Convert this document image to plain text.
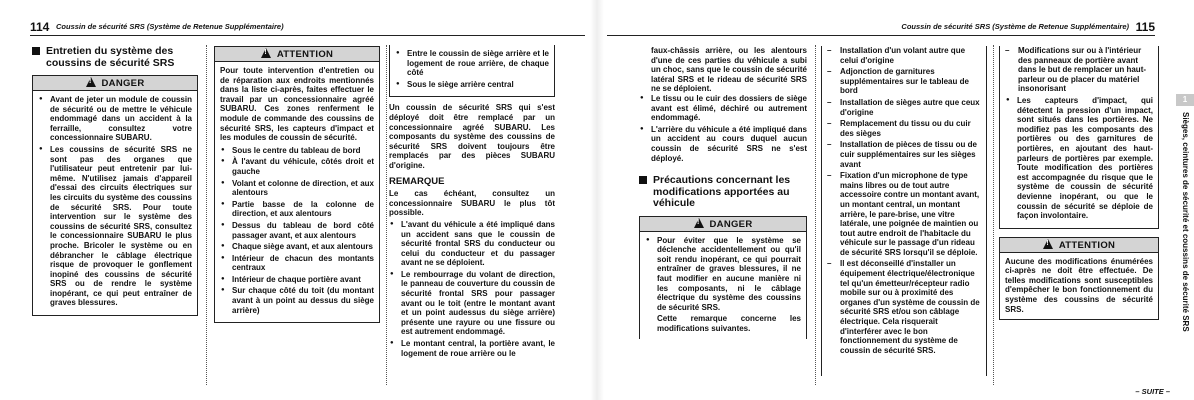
114 Coussin de sécurité SRS (Système de Retenue Supplémentaire)
Entretien du système des coussins de sécurité SRS
!DANGER
● Avant de jeter un module de coussin de sécurité ou de mettre le véhicule endommagé dans un accident à la ferraille, consultez votre concessionnaire SUBARU.
● Les coussins de sécurité SRS ne sont pas des organes que l'utilisateur peut entretenir par lui-même. N'utilisez jamais d'appareil d'essai des circuits électriques sur les circuits du système des coussins de sécurité SRS. Pour toute intervention sur le système des coussins de sécurité SRS, consultez le concessionnaire SUBARU le plus proche. Bricoler le système ou en débrancher le câblage électrique risque de provoquer le gonflement inopiné des coussins de sécurité SRS ou de rendre le système inopérant, ce qui peut entraîner de graves blessures.
!ATTENTION

Pour toute intervention d'entretien ou de réparation aux endroits mentionnés dans la liste ci-après, faites effectuer le travail par un concessionnaire agréé SUBARU. Ces zones renferment le module de commande des coussins de sécurité SRS, les capteurs d'impact et les modules de coussin de sécurité.

● Sous le centre du tableau de bord
● À l'avant du véhicule, côtés droit et gauche
● Volant et colonne de direction, et aux alentours
● Partie basse de la colonne de direction, et aux alentours
● Dessus du tableau de bord côté passager avant, et aux alentours
● Chaque siège avant, et aux alentours
● Intérieur de chacun des montants centraux
● Intérieur de chaque portière avant
● Sur chaque côté du toit (du montant avant à un point au dessus du siège arrière)
● Entre le coussin de siège arrière et le logement de roue arrière, de chaque côté
● Sous le siège arrière central

Un coussin de sécurité SRS qui s'est déployé doit être remplacé par un concessionnaire agréé SUBARU. Les composants du système des coussins de sécurité SRS doivent toujours être remplacés par des pièces SUBARU d'origine.

REMARQUE

Le cas échéant, consultez un concessionnaire SUBARU le plus tôt possible.

● L'avant du véhicule a été impliqué dans un accident sans que le coussin de sécurité frontal SRS du conducteur ou celui du conducteur et du passager avant ne se déploient.
● Le rembourrage du volant de direction, le panneau de couverture du coussin de sécurité frontal SRS pour passager avant ou le toit (entre le montant avant et un point audessus du siège arrière) présente une rayure ou une fissure ou est autrement endommagé.
● Le montant central, la portière avant, le logement de roue arrière ou le
Coussin de sécurité SRS (Système de Retenue Supplémentaire) 115

faux-châssis arrière, ou les alentours d'une de ces parties du véhicule a subi un choc, sans que le coussin de sécurité latéral SRS et le rideau de sécurité SRS ne se déploient.

● Le tissu ou le cuir des dossiers de siège avant est élimé, déchiré ou autrement endommagé.
● L'arrière du véhicule a été impliqué dans un accident au cours duquel aucun coussin de sécurité SRS ne s'est déployé.
Précautions concernant les modifications apportées au véhicule
!DANGER
● Pour éviter que le système se déclenche accidentellement ou qu'il soit rendu inopérant, ce qui pourrait entraîner de graves blessures, il ne faut modifier en aucune manière ni les composants, ni le câblage électrique du système des coussins de sécurité SRS.

Cette remarque concerne les modifications suivantes.

– Installation d'un volant autre que celui d'origine
– Adjonction de garnitures supplémentaires sur le tableau de bord
– Installation de sièges autre que ceux d'origine
– Remplacement du tissu ou du cuir des sièges
– Installation de pièces de tissu ou de cuir supplémentaires sur les sièges avant
– Fixation d'un microphone de type mains libres ou de tout autre accessoire contre un montant avant, un montant central, un montant arrière, le pare-brise, une vitre latérale, une poignée de maintien ou tout autre endroit de l'habitacle du véhicule sur le passage d'un rideau de sécurité SRS lorsqu'il se déploie.
– Il est déconseillé d'installer un équipement électrique/électronique tel qu'un émetteur/récepteur radio mobile sur ou à proximité des organes d'un système de coussin de sécurité SRS et/ou son câblage électrique. Cela risquerait d'interférer avec le bon fonctionnement du système de coussin de sécurité SRS.
– Modifications sur ou à l'intérieur des panneaux de portière avant dans le but de remplacer un haut-parleur ou de placer du matériel insonorisant
● Les capteurs d'impact, qui détectent la pression d'un impact, sont situés dans les portières. Ne modifiez pas les composants des portières ou des garnitures de portières, en ajoutant des haut-parleurs de portières par exemple. Toute modification des portières est accompagnée du risque que le système de coussin de sécurité devienne inopérant, ou que le coussin de sécurité se déploie de façon involontaire.
!ATTENTION

Aucune des modifications énumérées ci-après ne doit être effectuée. De telles modifications sont susceptibles d'empêcher le bon fonctionnement du système des coussins de sécurité SRS.

1
Sièges, ceintures de sécurité et coussins de sécurité SRS
– SUITE –
